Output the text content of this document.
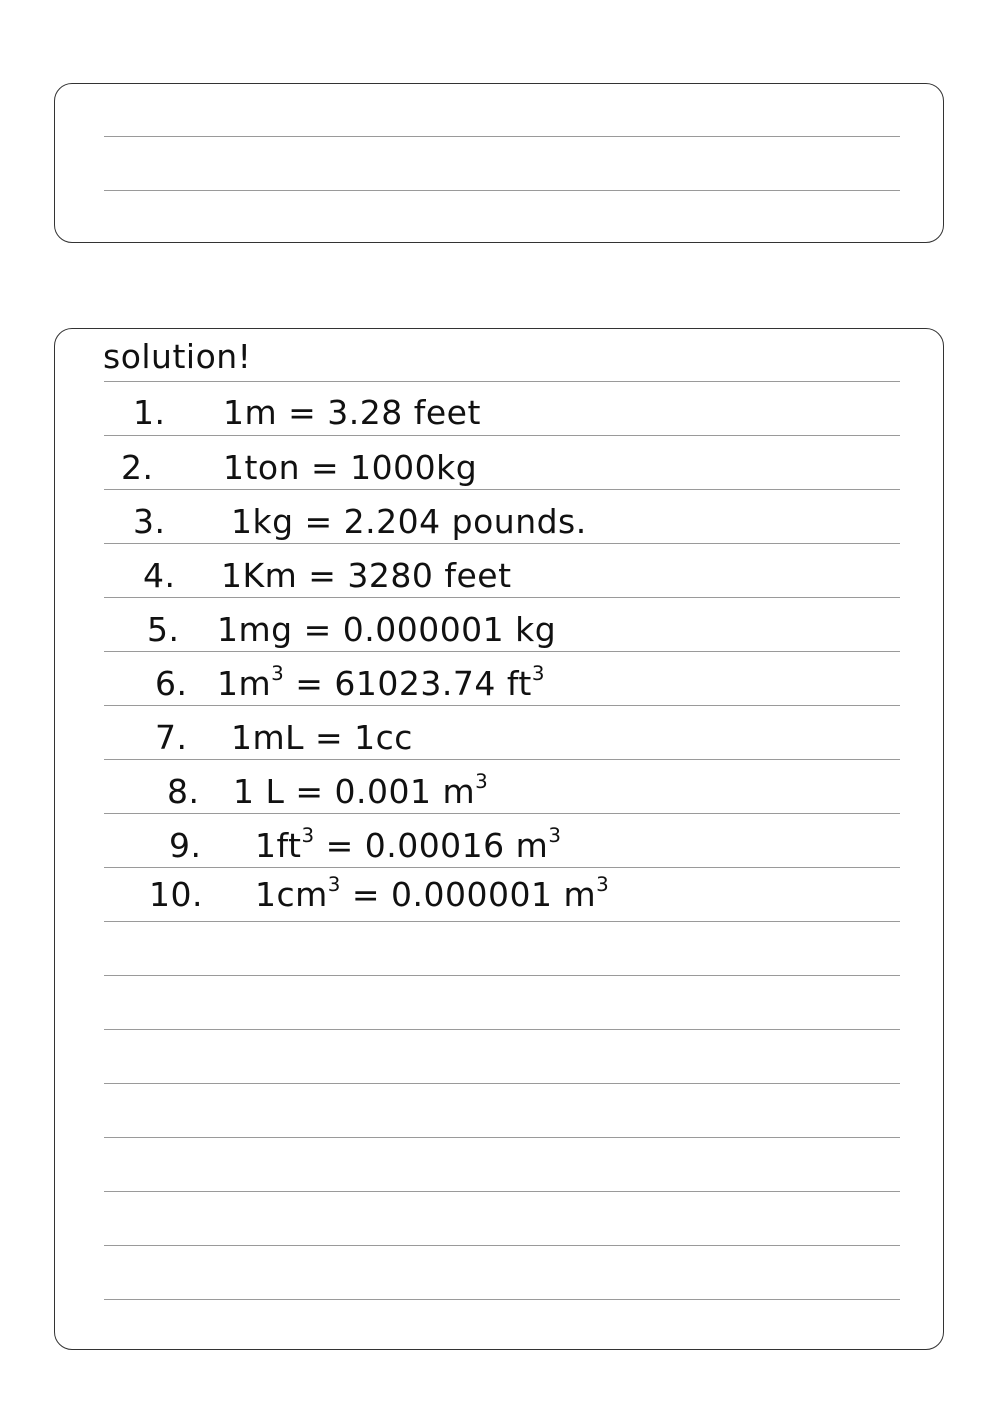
solution!
1. 1m = 3.28 feet
2. 1ton = 1000kg
3. 1kg = 2.204 pounds.
4. 1Km = 3280 feet
5. 1mg = 0.000001 kg
6. $1m^3 = 61023.74$ $ft^3$
7. 1mL = 1cc
8. 1 L = 0.001 $m^3$
9. $1ft^3 = 0.00016$ $m^3$
10. $1cm^3 = 0.000001$ $m^3$
